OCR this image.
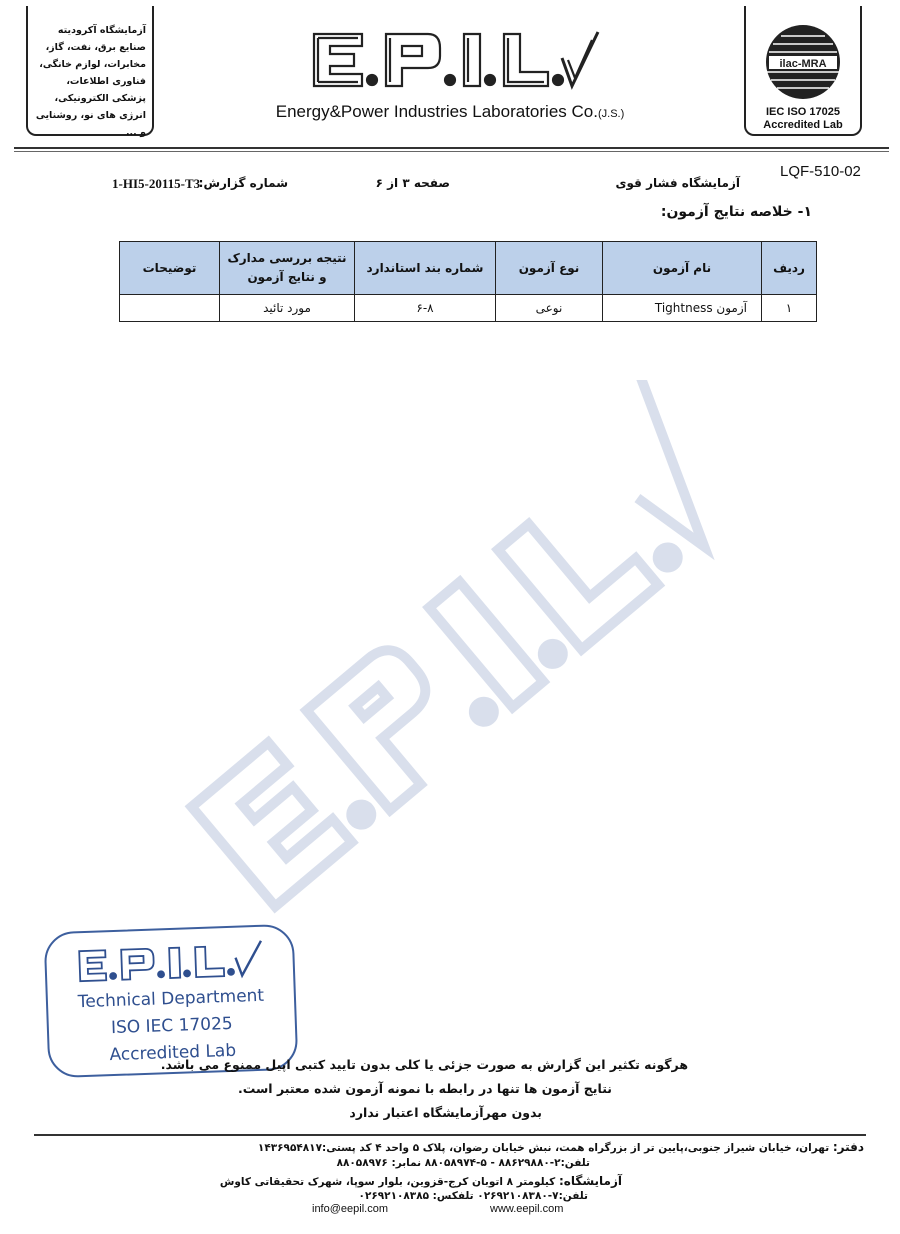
آزمایشگاه آکرودیته صنایع برق، نفت، گاز، مخابرات، لوازم خانگی، فناوری اطلاعات، پزشکی الکترونیکی، انرژی های نو، روشنایی و ...
Energy&Power Industries Laboratories Co.(J.S.)
ilac-MRA
IEC ISO 17025
Accredited Lab
LQF-510-02
آزمایشگاه فشار قوی
صفحه ۳ از ۶
شماره گزارش:
1-HI5-20115-T3
۱- خلاصه نتایج آزمون:
ردیف	نام آزمون	نوع آزمون	شماره بند استاندارد	نتیجه بررسی مدارک و نتایج آزمون	توضیحات
۱	آزمون Tightness	نوعی	۶-۸	مورد تائید	
Technical Department
ISO IEC 17025
Accredited Lab
هرگونه تکثیر این گزارش به صورت جزئی یا کلی بدون تایید کتبی اپیل ممنوع می باشد.
نتایج آزمون ها تنها در رابطه با نمونه آزمون شده معتبر است.
بدون مهرآزمایشگاه اعتبار ندارد
دفتر: تهران، خیابان شیراز جنوبی،پایین تر از بزرگراه همت، نبش خیابان رضوان، پلاک ۵ واحد ۴ کد پستی:۱۴۳۶۹۵۴۸۱۷
تلفن:۲-۸۸۶۲۹۸۸۰ - ۵-۸۸۰۵۸۹۷۴ نمابر: ۸۸۰۵۸۹۷۶
آزمایشگاه: کیلومتر ۸ اتوبان کرج-قزوین، بلوار سوپا، شهرک تحقیقاتی کاوش
تلفن:۷-۰۲۶۹۲۱۰۸۳۸۰ تلفکس: ۰۲۶۹۲۱۰۸۳۸۵
info@eepil.com	www.eepil.com
